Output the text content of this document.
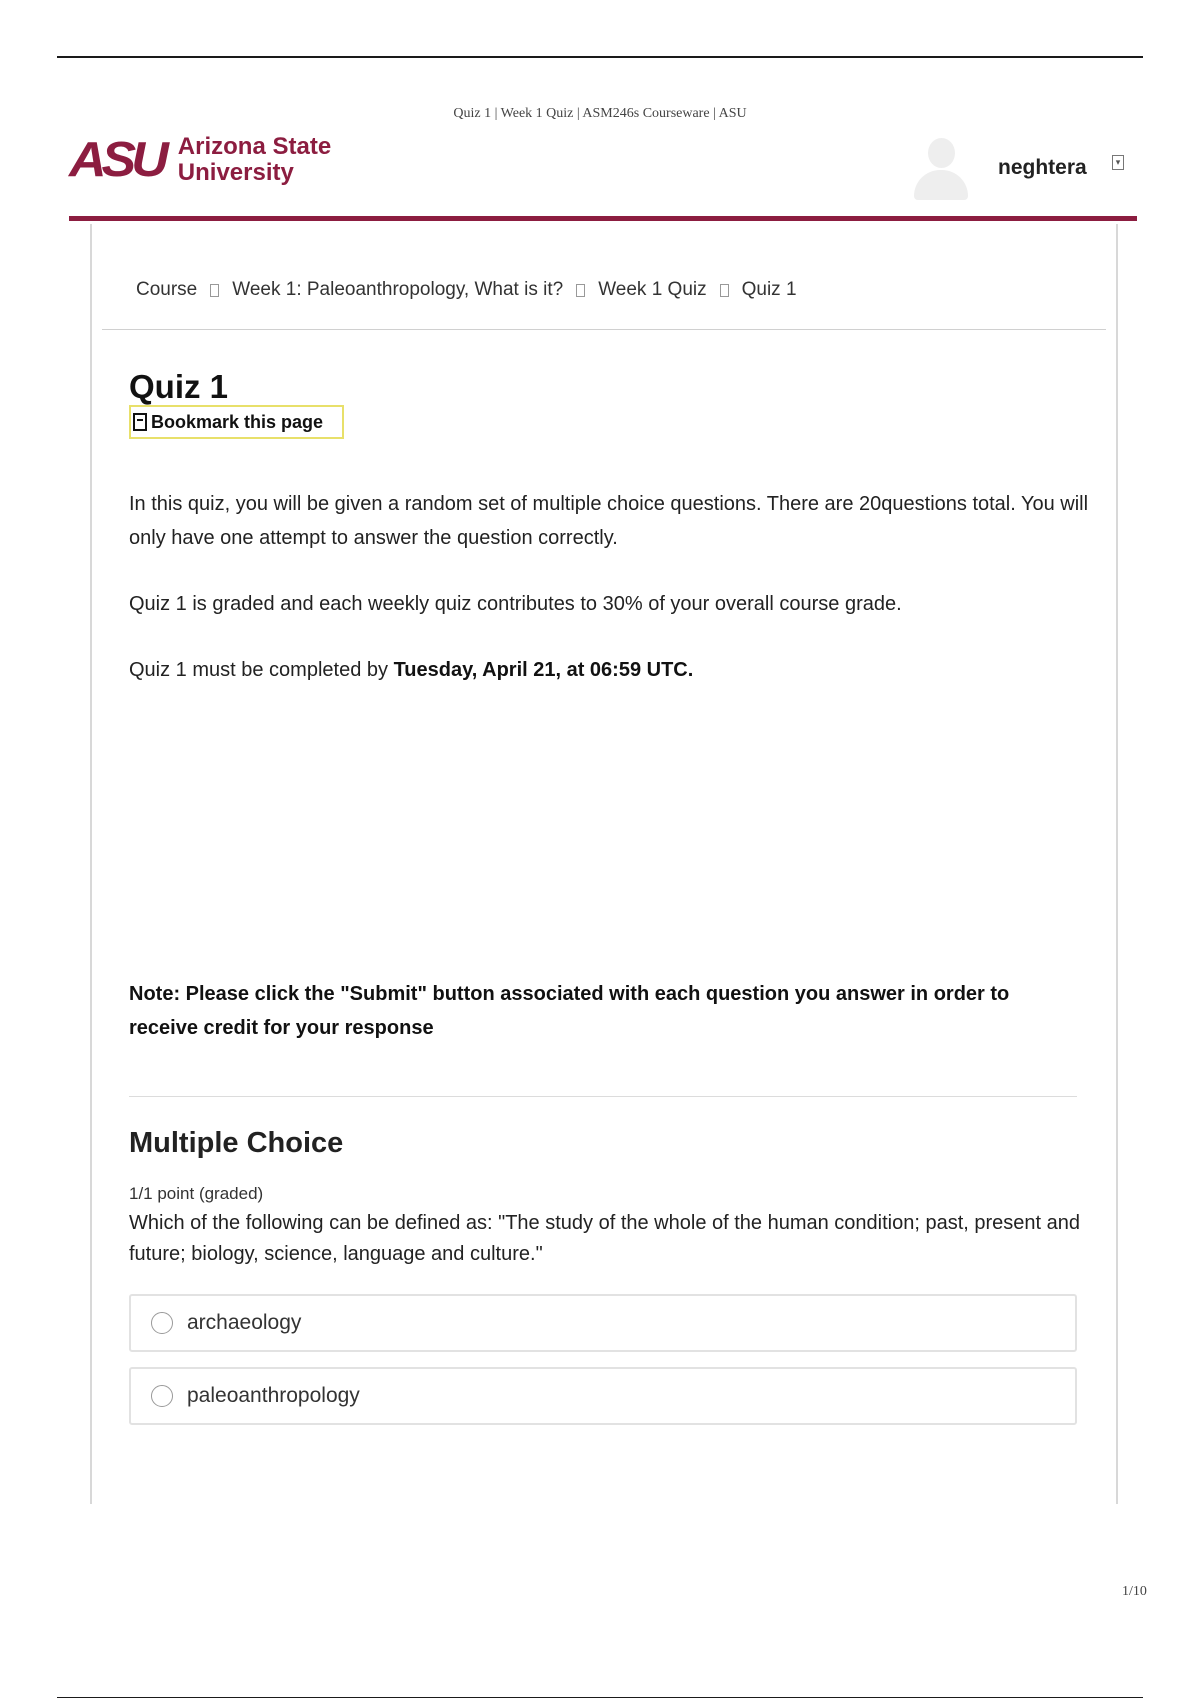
Quiz 1 | Week 1 Quiz | ASM246s Courseware | ASU
ASU Arizona State
University	neghtera	▾
Course Week 1: Paleoanthropology, What is it? Week 1 Quiz Quiz 1
Quiz 1
Bookmark this page

In this quiz, you will be given a random set of multiple choice questions. There are 20questions total. You will only have one attempt to answer the question correctly.

Quiz 1 is graded and each weekly quiz contributes to 30% of your overall course grade.

Quiz 1 must be completed by Tuesday, April 21, at 06:59 UTC.

Note: Please click the "Submit" button associated with each question you answer in order to receive credit for your response

Multiple Choice
1/1 point (graded)

Which of the following can be defined as: "The study of the whole of the human condition; past, present and future; biology, science, language and culture."

archaeology
paleoanthropology
1/10
